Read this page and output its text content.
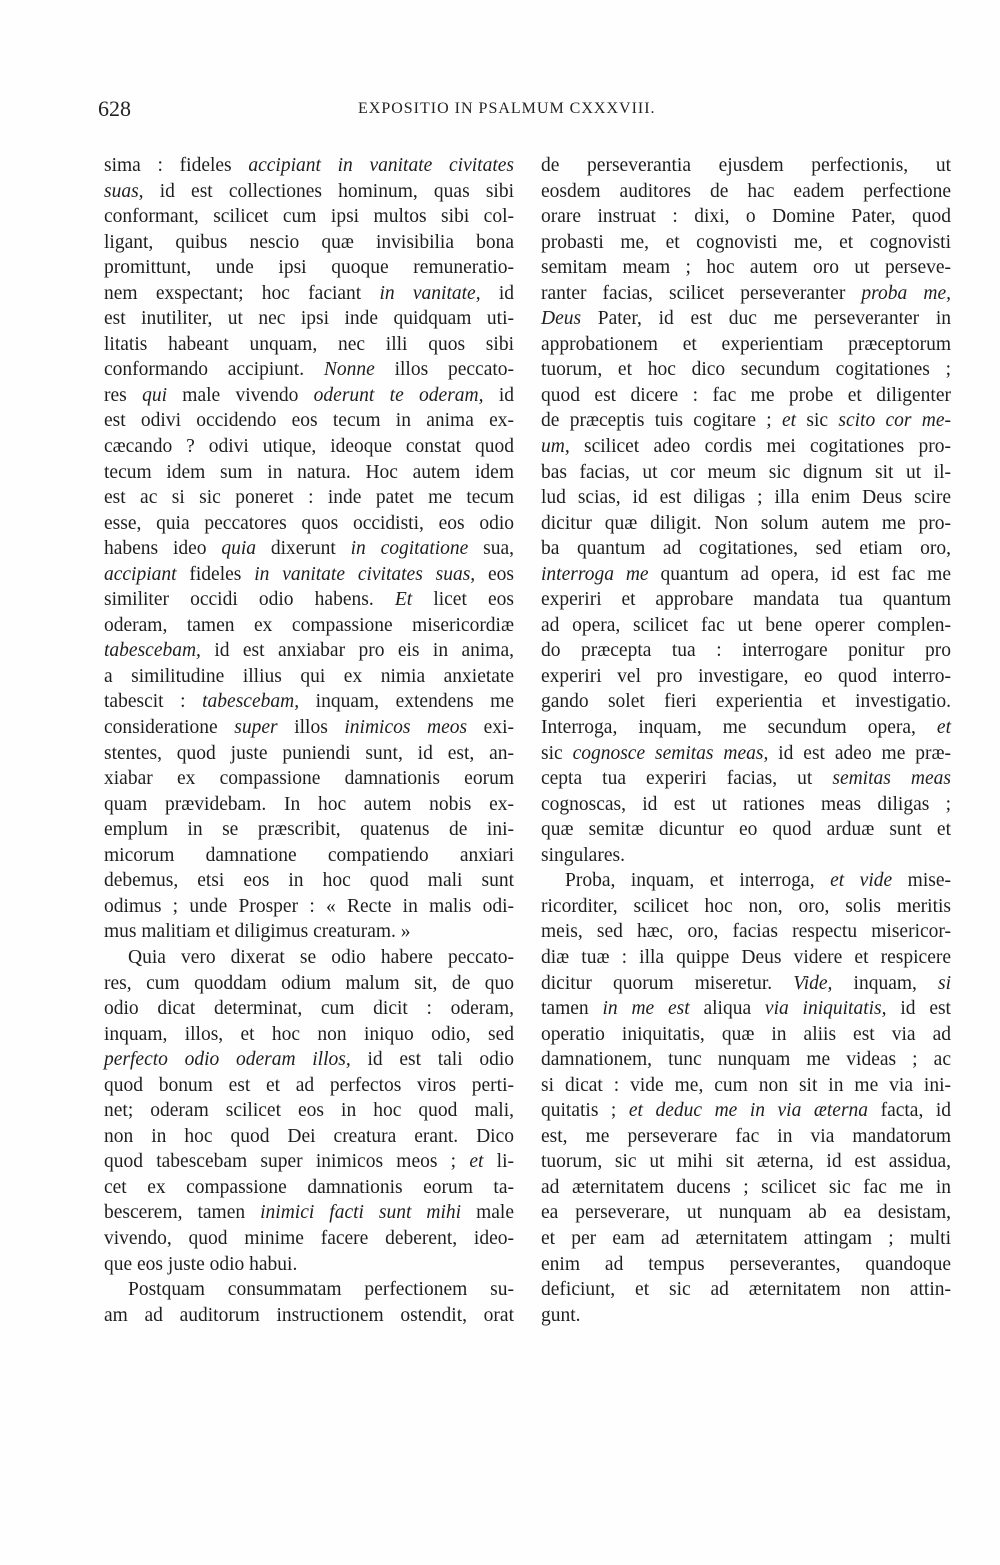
628	EXPOSITIO IN PSALMUM CXXXVIII.
sima : fideles accipiant in vanitate civitates
suas, id est collectiones hominum, quas sibi
conformant, scilicet cum ipsi multos sibi col-
ligant, quibus nescio quæ invisibilia bona
promittunt, unde ipsi quoque remuneratio-
nem exspectant; hoc faciant in vanitate, id
est inutiliter, ut nec ipsi inde quidquam uti-
litatis habeant unquam, nec illi quos sibi
conformando accipiunt. Nonne illos peccato-
res qui male vivendo oderunt te oderam, id
est odivi occidendo eos tecum in anima ex-
cæcando ? odivi utique, ideoque constat quod
tecum idem sum in natura. Hoc autem idem
est ac si sic poneret : inde patet me tecum
esse, quia peccatores quos occidisti, eos odio
habens ideo quia dixerunt in cogitatione sua,
accipiant fideles in vanitate civitates suas, eos
similiter occidi odio habens. Et licet eos
oderam, tamen ex compassione misericordiæ
tabescebam, id est anxiabar pro eis in anima,
a similitudine illius qui ex nimia anxietate
tabescit : tabescebam, inquam, extendens me
consideratione super illos inimicos meos exi-
stentes, quod juste puniendi sunt, id est, an-
xiabar ex compassione damnationis eorum
quam prævidebam. In hoc autem nobis ex-
emplum in se præscribit, quatenus de ini-
micorum damnatione compatiendo anxiari
debemus, etsi eos in hoc quod mali sunt
odimus ; unde Prosper : « Recte in malis odi-
mus malitiam et diligimus creaturam. »
Quia vero dixerat se odio habere peccato-
res, cum quoddam odium malum sit, de quo
odio dicat determinat, cum dicit : oderam,
inquam, illos, et hoc non iniquo odio, sed
perfecto odio oderam illos, id est tali odio
quod bonum est et ad perfectos viros perti-
net; oderam scilicet eos in hoc quod mali,
non in hoc quod Dei creatura erant. Dico
quod tabescebam super inimicos meos ; et li-
cet ex compassione damnationis eorum ta-
bescerem, tamen inimici facti sunt mihi male
vivendo, quod minime facere deberent, ideo-
que eos juste odio habui.
Postquam consummatam perfectionem su-
am ad auditorum instructionem ostendit, orat
de perseverantia ejusdem perfectionis, ut
eosdem auditores de hac eadem perfectione
orare instruat : dixi, o Domine Pater, quod
probasti me, et cognovisti me, et cognovisti
semitam meam ; hoc autem oro ut perseve-
ranter facias, scilicet perseveranter proba me,
Deus Pater, id est duc me perseveranter in
approbationem et experientiam præceptorum
tuorum, et hoc dico secundum cogitationes ;
quod est dicere : fac me probe et diligenter
de præceptis tuis cogitare ; et sic scito cor me-
um, scilicet adeo cordis mei cogitationes pro-
bas facias, ut cor meum sic dignum sit ut il-
lud scias, id est diligas ; illa enim Deus scire
dicitur quæ diligit. Non solum autem me pro-
ba quantum ad cogitationes, sed etiam oro,
interroga me quantum ad opera, id est fac me
experiri et approbare mandata tua quantum
ad opera, scilicet fac ut bene operer complen-
do præcepta tua : interrogare ponitur pro
experiri vel pro investigare, eo quod interro-
gando solet fieri experientia et investigatio.
Interroga, inquam, me secundum opera, et
sic cognosce semitas meas, id est adeo me præ-
cepta tua experiri facias, ut semitas meas
cognoscas, id est ut rationes meas diligas ;
quæ semitæ dicuntur eo quod arduæ sunt et
singulares.
Proba, inquam, et interroga, et vide mise-
ricorditer, scilicet hoc non, oro, solis meritis
meis, sed hæc, oro, facias respectu misericor-
diæ tuæ : illa quippe Deus videre et respicere
dicitur quorum miseretur. Vide, inquam, si
tamen in me est aliqua via iniquitatis, id est
operatio iniquitatis, quæ in aliis est via ad
damnationem, tunc nunquam me videas ; ac
si dicat : vide me, cum non sit in me via ini-
quitatis ; et deduc me in via æterna facta, id
est, me perseverare fac in via mandatorum
tuorum, sic ut mihi sit æterna, id est assidua,
ad æternitatem ducens ; scilicet sic fac me in
ea perseverare, ut nunquam ab ea desistam,
et per eam ad æternitatem attingam ; multi
enim ad tempus perseverantes, quandoque
deficiunt, et sic ad æternitatem non attin-
gunt.
